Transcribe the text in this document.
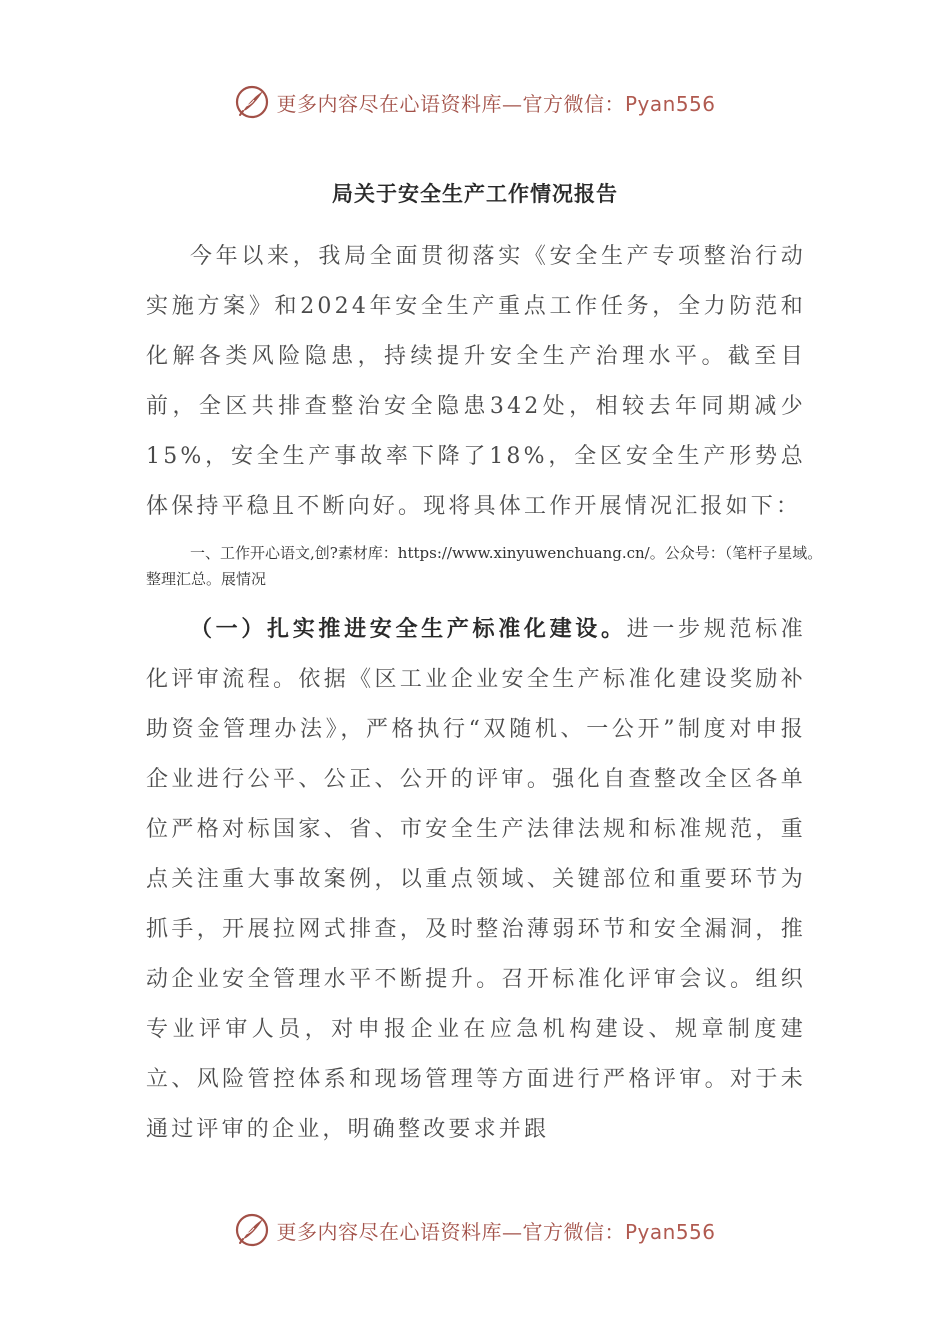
更多内容尽在心语资料库—官方微信：Pyan556
局关于安全生产工作情况报告

今年以来，我局全面贯彻落实《安全生产专项整治行动实施方案》和2024年安全生产重点工作任务，全力防范和化解各类风险隐患，持续提升安全生产治理水平。截至目前，全区共排查整治安全隐患342处，相较去年同期减少15%，安全生产事故率下降了18%，全区安全生产形势总体保持平稳且不断向好。现将具体工作开展情况汇报如下：

一、工作开心语文,创?素材库：https://www.xinyuwenchuang.cn/。公众号：（笔杆子星域。整理汇总。展情况

（一）扎实推进安全生产标准化建设。进一步规范标准化评审流程。依据《区工业企业安全生产标准化建设奖励补助资金管理办法》，严格执行“双随机、一公开”制度对申报企业进行公平、公正、公开的评审。强化自查整改全区各单位严格对标国家、省、市安全生产法律法规和标准规范，重点关注重大事故案例，以重点领域、关键部位和重要环节为抓手，开展拉网式排查，及时整治薄弱环节和安全漏洞，推动企业安全管理水平不断提升。召开标准化评审会议。组织专业评审人员，对申报企业在应急机构建设、规章制度建立、风险管控体系和现场管理等方面进行严格评审。对于未通过评审的企业，明确整改要求并跟

更多内容尽在心语资料库—官方微信：Pyan556
